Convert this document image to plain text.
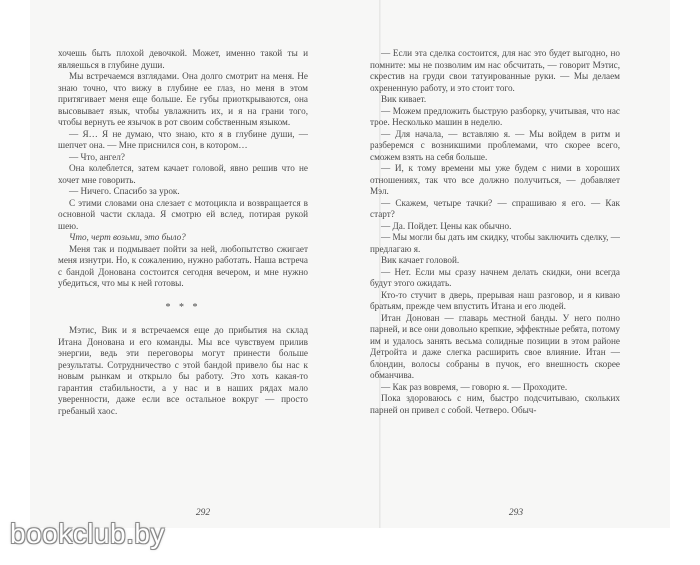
хочешь быть плохой девочкой. Может, именно такой ты и являешься в глубине души.

Мы встречаемся взглядами. Она долго смотрит на меня. Не знаю точно, что вижу в глубине ее глаз, но меня в этом притягивает меня еще больше. Ее губы приоткрываются, она высовывает язык, чтобы увлажнить их, и я на грани того, чтобы вернуть ее язычок в рот своим собственным языком.

— Я… Я не думаю, что знаю, кто я в глубине души, — шепчет она. — Мне приснился сон, в котором…

— Что, ангел?

Она колеблется, затем качает головой, явно решив что не хочет мне говорить.

— Ничего. Спасибо за урок.

С этими словами она слезает с мотоцикла и возвращается в основной части склада. Я смотрю ей вслед, потирая рукой шею.

Что, черт возьми, это было?

Меня так и подмывает пойти за ней, любопытство сжигает меня изнутри. Но, к сожалению, нужно работать. Наша встреча с бандой Донована состоится сегодня вечером, и мне нужно убедиться, что мы к ней готовы.

* * *

Мэтис, Вик и я встречаемся еще до прибытия на склад Итана Донована и его команды. Мы все чувствуем прилив энергии, ведь эти переговоры могут принести больше результаты. Сотрудничество с этой бандой привело бы нас к новым рынкам и открыло бы работу. Это хоть какая-то гарантия стабильности, а у нас и в наших рядах мало уверенности, даже если все остальное вокруг — просто гребаный хаос.

— Если эта сделка состоится, для нас это будет выгодно, но помните: мы не позволим им нас обсчитать, — говорит Мэтис, скрестив на груди свои татуированные руки. — Мы делаем охрененную работу, и это стоит того.

Вик кивает.

— Можем предложить быструю разборку, учитывая, что нас трое. Несколько машин в неделю.

— Для начала, — вставляю я. — Мы войдем в ритм и разберемся с возникшими проблемами, что скорее всего, сможем взять на себя больше.

— И, к тому времени мы уже будем с ними в хороших отношениях, так что все должно получиться, — добавляет Мэл.

— Скажем, четыре тачки? — спрашиваю я его. — Как старт?

— Да. Пойдет. Цены как обычно.

— Мы могли бы дать им скидку, чтобы заключить сделку, — предлагаю я.

Вик качает головой.

— Нет. Если мы сразу начнем делать скидки, они всегда будут этого ожидать.

Кто-то стучит в дверь, прерывая наш разговор, и я киваю братьям, прежде чем впустить Итана и его людей.

Итан Донован — главарь местной банды. У него полно парней, и все они довольно крепкие, эффектные ребята, потому им и удалось занять весьма солидные позиции в этом районе Детройта и даже слегка расширить свое влияние. Итан — блондин, волосы собраны в пучок, его внешность скорее обманчива.

— Как раз вовремя, — говорю я. — Проходите.

Пока здороваюсь с ним, быстро подсчитываю, скольких парней он привел с собой. Четверо. Обыч-

292	293
bookclub.by
